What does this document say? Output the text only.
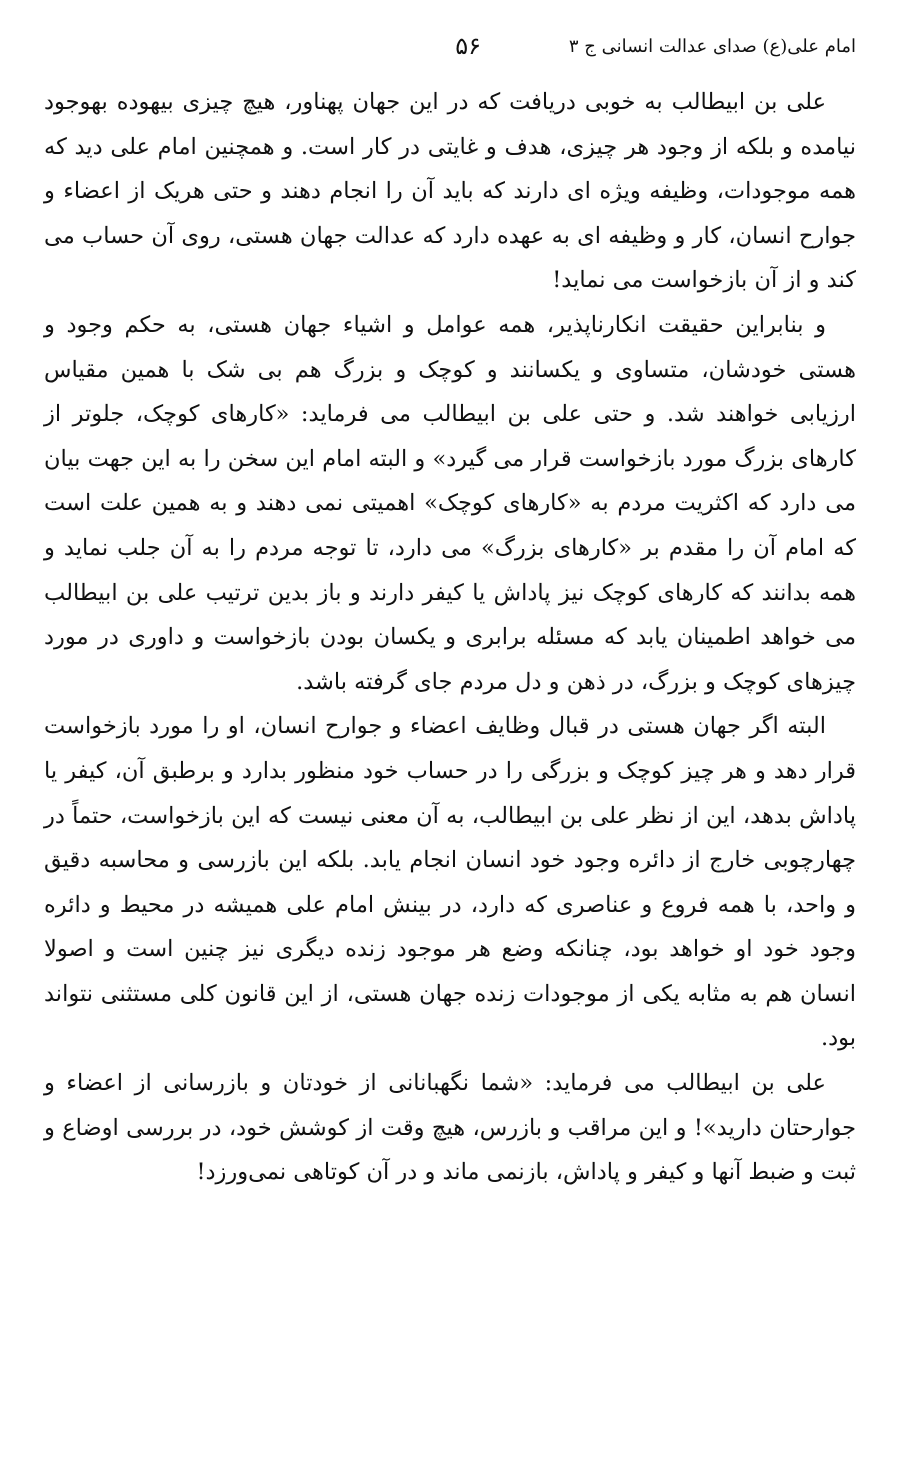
امام علی(ع) صدای عدالت انسانی ج ۳
۵۶

علی بن ابیطالب به خوبی دریافت که در این جهان پهناور، هیچ چیزی بیهوده بهوجود نیامده و بلکه از وجود هر چیزی، هدف و غایتی در کار است. و همچنین امام علی دید که همه موجودات، وظیفه ویژه ای دارند که باید آن را انجام دهند و حتی هریک از اعضاء و جوارح انسان، کار و وظیفه ای به عهده دارد که عدالت جهان هستی، روی آن حساب می کند و از آن بازخواست می نماید!

و بنابراین حقیقت انکارناپذیر، همه عوامل و اشیاء جهان هستی، به حکم وجود و هستی خودشان، متساوی و یکسانند و کوچک و بزرگ هم بی شک با همین مقیاس ارزیابی خواهند شد. و حتی علی بن ابیطالب می فرماید: «کارهای کوچک، جلوتر از کارهای بزرگ مورد بازخواست قرار می گیرد» و البته امام این سخن را به این جهت بیان می دارد که اکثریت مردم به «کارهای کوچک» اهمیتی نمی دهند و به همین علت است که امام آن را مقدم بر «کارهای بزرگ» می دارد، تا توجه مردم را به آن جلب نماید و همه بدانند که کارهای کوچک نیز پاداش یا کیفر دارند و باز بدین ترتیب علی بن ابیطالب می خواهد اطمینان یابد که مسئله برابری و یکسان بودن بازخواست و داوری در مورد چیزهای کوچک و بزرگ، در ذهن و دل مردم جای گرفته باشد.

البته اگر جهان هستی در قبال وظایف اعضاء و جوارح انسان، او را مورد بازخواست قرار دهد و هر چیز کوچک و بزرگی را در حساب خود منظور بدارد و برطبق آن، کیفر یا پاداش بدهد، این از نظر علی بن ابیطالب، به آن معنی نیست که این بازخواست، حتماً در چهارچوبی خارج از دائره وجود خود انسان انجام یابد. بلکه این بازرسی و محاسبه دقیق و واحد، با همه فروع و عناصری که دارد، در بینش امام علی همیشه در محیط و دائره وجود خود او خواهد بود، چنانکه وضع هر موجود زنده دیگری نیز چنین است و اصولا انسان هم به مثابه یکی از موجودات زنده جهان هستی، از این قانون کلی مستثنی نتواند بود.

علی بن ابیطالب می فرماید: «شما نگهبانانی از خودتان و بازرسانی از اعضاء و جوارحتان دارید»! و این مراقب و بازرس، هیچ وقت از کوشش خود، در بررسی اوضاع و ثبت و ضبط آنها و کیفر و پاداش، بازنمی ماند و در آن کوتاهی نمی‌ورزد!
